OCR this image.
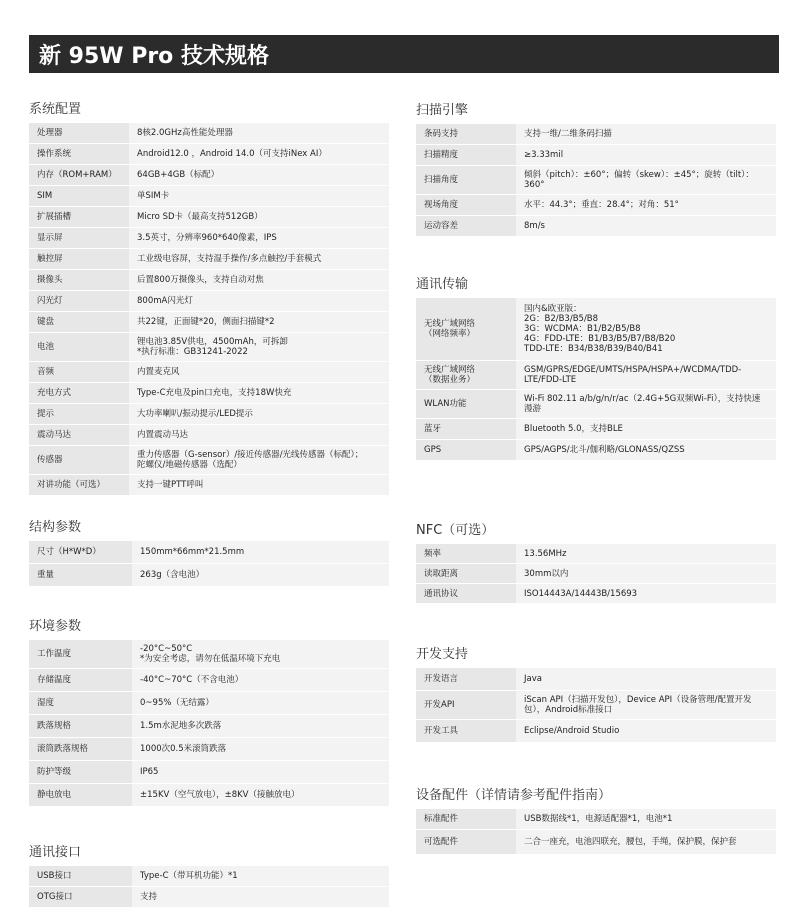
新 95W Pro 技术规格
系统配置
处理器	8核2.0GHz高性能处理器
操作系统	Android12.0 ，Android 14.0（可支持iNex AI）
内存（ROM+RAM）	64GB+4GB（标配）
SIM	单SIM卡
扩展插槽	Micro SD卡（最高支持512GB）
显示屏	3.5英寸，分辨率960*640像素，IPS
触控屏	工业级电容屏，支持湿手操作/多点触控/手套模式
摄像头	后置800万摄像头，支持自动对焦
闪光灯	800mA闪光灯
键盘	共22键，正面键*20，侧面扫描键*2
电池	锂电池3.85V供电，4500mAh，可拆卸
*执行标准：GB31241-2022
音频	内置麦克风
充电方式	Type-C充电及pin口充电，支持18W快充
提示	大功率喇叭/振动提示/LED提示
震动马达	内置震动马达
传感器	重力传感器（G-sensor）/接近传感器/光线传感器（标配）；
陀螺仪/地磁传感器（选配）
对讲功能（可选）	支持一键PTT呼叫
结构参数
尺寸（H*W*D）	150mm*66mm*21.5mm
重量	263g（含电池）
环境参数
工作温度	-20°C~50°C
*为安全考虑，请勿在低温环境下充电
存储温度	-40°C~70°C（不含电池）
湿度	0~95%（无结露）
跌落规格	1.5m水泥地多次跌落
滚筒跌落规格	1000次0.5米滚筒跌落
防护等级	IP65
静电放电	±15KV（空气放电），±8KV（接触放电）
通讯接口
USB接口	Type-C（带耳机功能）*1
OTG接口	支持
扫描引擎
条码支持	支持一维/二维条码扫描
扫描精度	≥3.33mil
扫描角度	倾斜（pitch）：±60°；偏转（skew）：±45°；旋转（tilt）：
360°
视场角度	水平：44.3°；垂直：28.4°；对角：51°
运动容差	8m/s
通讯传输
无线广域网络
（网络频率）	国内&欧亚版：
2G：B2/B3/B5/B8
3G：WCDMA：B1/B2/B5/B8
4G：FDD-LTE：B1/B3/B5/B7/B8/B20
TDD-LTE：B34/B38/B39/B40/B41
无线广域网络
（数据业务）	GSM/GPRS/EDGE/UMTS/HSPA/HSPA+/WCDMA/TDD-
LTE/FDD-LTE
WLAN功能	Wi-Fi 802.11 a/b/g/n/r/ac（2.4G+5G双频Wi-Fi），支持快速
漫游
蓝牙	Bluetooth 5.0，支持BLE
GPS	GPS/AGPS/北斗/伽利略/GLONASS/QZSS
NFC（可选）
频率	13.56MHz
读取距离	30mm以内
通讯协议	ISO14443A/14443B/15693
开发支持
开发语言	Java
开发API	iScan API（扫描开发包），Device API（设备管理/配置开发
包），Android标准接口
开发工具	Eclipse/Android Studio
设备配件（详情请参考配件指南）
标准配件	USB数据线*1，电源适配器*1，电池*1
可选配件	二合一座充，电池四联充，腰包，手绳，保护膜，保护套
